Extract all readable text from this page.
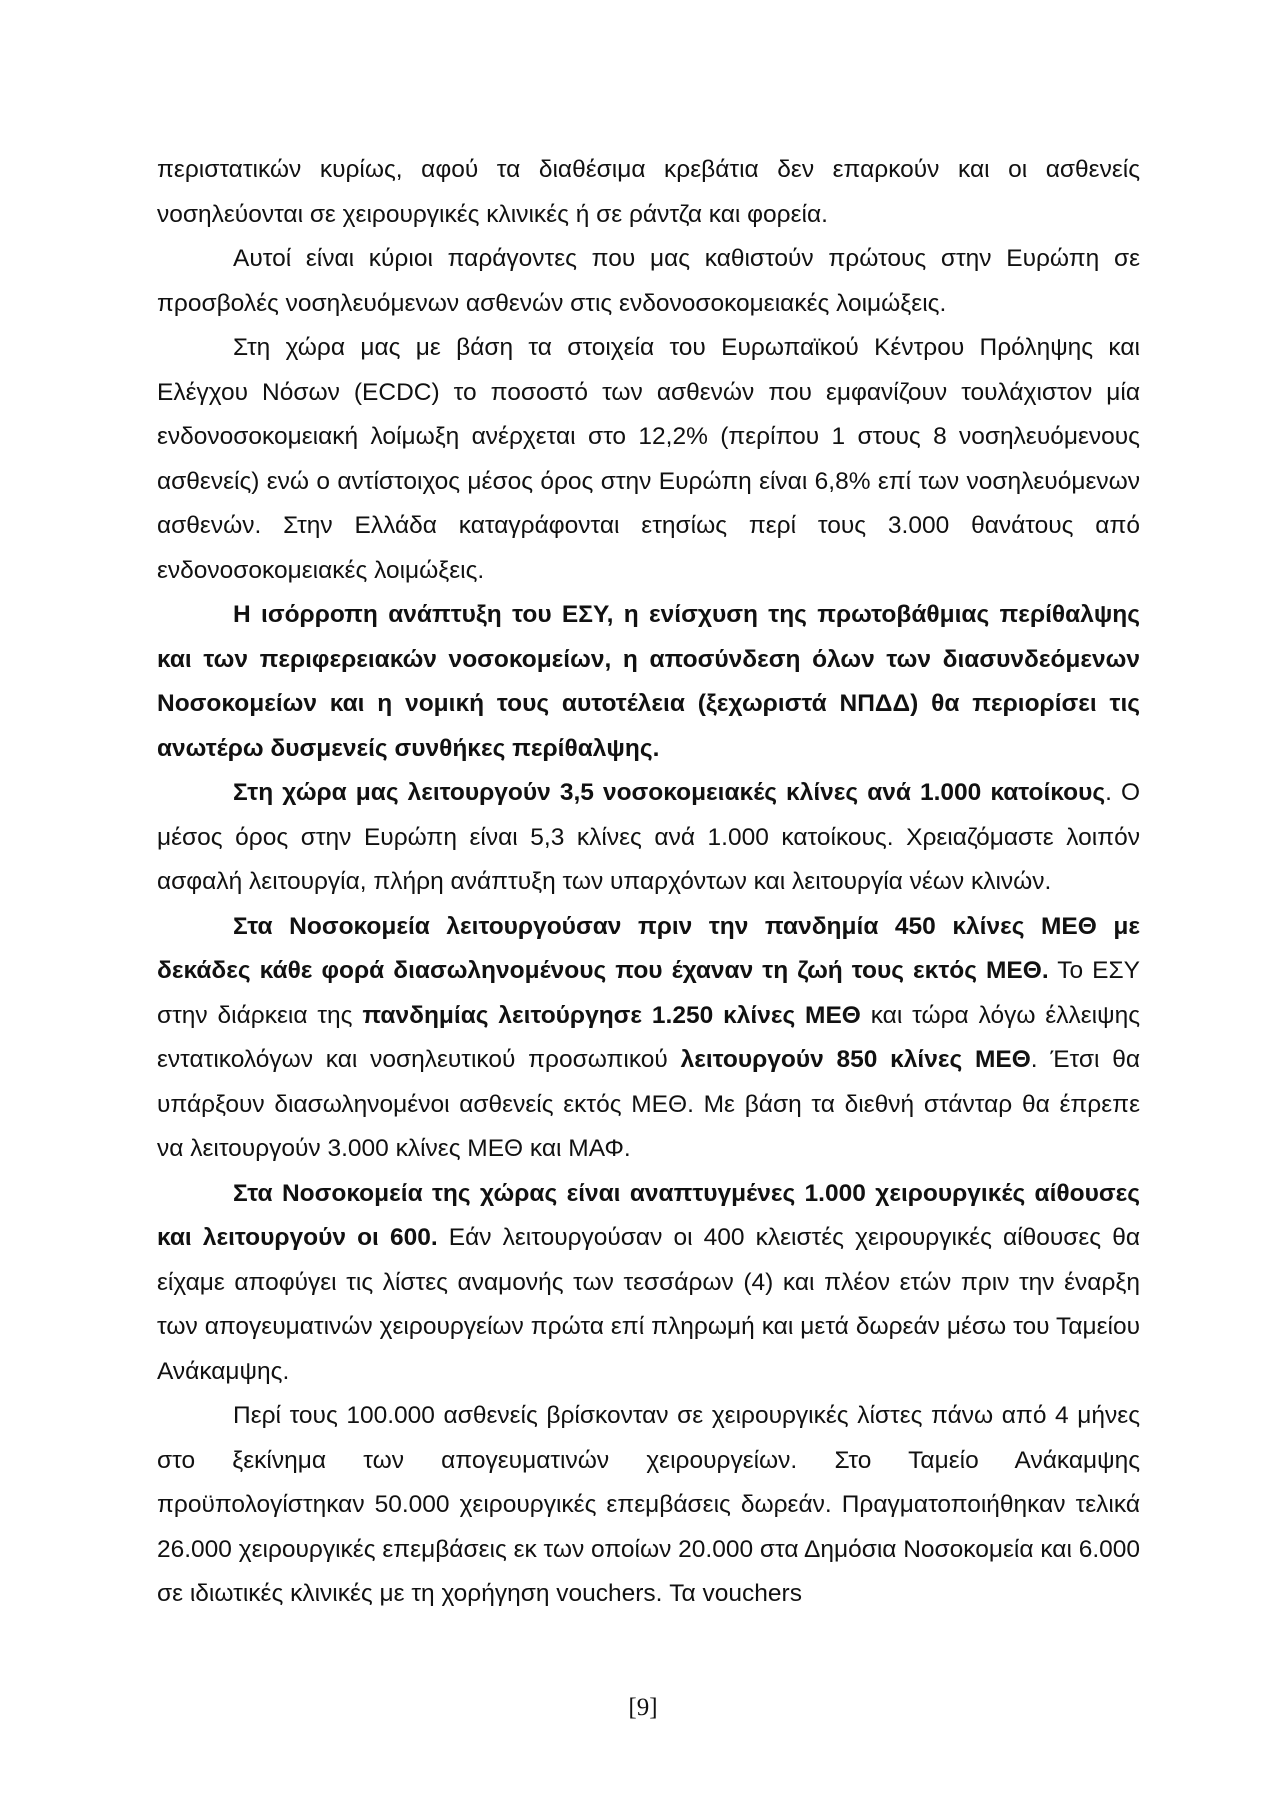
περιστατικών κυρίως, αφού τα διαθέσιμα κρεβάτια δεν επαρκούν και οι ασθενείς νοσηλεύονται σε χειρουργικές κλινικές ή σε ράντζα και φορεία.

Αυτοί είναι κύριοι παράγοντες που μας καθιστούν πρώτους στην Ευρώπη σε προσβολές νοσηλευόμενων ασθενών στις ενδονοσοκομειακές λοιμώξεις.

Στη χώρα μας με βάση τα στοιχεία του Ευρωπαϊκού Κέντρου Πρόληψης και Ελέγχου Νόσων (ECDC) το ποσοστό των ασθενών που εμφανίζουν τουλάχιστον μία ενδονοσοκομειακή λοίμωξη ανέρχεται στο 12,2% (περίπου 1 στους 8 νοσηλευόμενους ασθενείς) ενώ ο αντίστοιχος μέσος όρος στην Ευρώπη είναι 6,8% επί των νοσηλευόμενων ασθενών. Στην Ελλάδα καταγράφονται ετησίως περί τους 3.000 θανάτους από ενδονοσοκομειακές λοιμώξεις.

Η ισόρροπη ανάπτυξη του ΕΣΥ, η ενίσχυση της πρωτοβάθμιας περίθαλψης και των περιφερειακών νοσοκομείων, η αποσύνδεση όλων των διασυνδεόμενων Νοσοκομείων και η νομική τους αυτοτέλεια (ξεχωριστά ΝΠΔΔ) θα περιορίσει τις ανωτέρω δυσμενείς συνθήκες περίθαλψης.

Στη χώρα μας λειτουργούν 3,5 νοσοκομειακές κλίνες ανά 1.000 κατοίκους. Ο μέσος όρος στην Ευρώπη είναι 5,3 κλίνες ανά 1.000 κατοίκους. Χρειαζόμαστε λοιπόν ασφαλή λειτουργία, πλήρη ανάπτυξη των υπαρχόντων και λειτουργία νέων κλινών.

Στα Νοσοκομεία λειτουργούσαν πριν την πανδημία 450 κλίνες ΜΕΘ με δεκάδες κάθε φορά διασωληνομένους που έχαναν τη ζωή τους εκτός ΜΕΘ. Το ΕΣΥ στην διάρκεια της πανδημίας λειτούργησε 1.250 κλίνες ΜΕΘ και τώρα λόγω έλλειψης εντατικολόγων και νοσηλευτικού προσωπικού λειτουργούν 850 κλίνες ΜΕΘ. Έτσι θα υπάρξουν διασωληνομένοι ασθενείς εκτός ΜΕΘ. Με βάση τα διεθνή στάνταρ θα έπρεπε να λειτουργούν 3.000 κλίνες ΜΕΘ και ΜΑΦ.

Στα Νοσοκομεία της χώρας είναι αναπτυγμένες 1.000 χειρουργικές αίθουσες και λειτουργούν οι 600. Εάν λειτουργούσαν οι 400 κλειστές χειρουργικές αίθουσες θα είχαμε αποφύγει τις λίστες αναμονής των τεσσάρων (4) και πλέον ετών πριν την έναρξη των απογευματινών χειρουργείων πρώτα επί πληρωμή και μετά δωρεάν μέσω του Ταμείου Ανάκαμψης.

Περί τους 100.000 ασθενείς βρίσκονταν σε χειρουργικές λίστες πάνω από 4 μήνες στο ξεκίνημα των απογευματινών χειρουργείων. Στο Ταμείο Ανάκαμψης προϋπολογίστηκαν 50.000 χειρουργικές επεμβάσεις δωρεάν. Πραγματοποιήθηκαν τελικά 26.000 χειρουργικές επεμβάσεις εκ των οποίων 20.000 στα Δημόσια Νοσοκομεία και 6.000 σε ιδιωτικές κλινικές με τη χορήγηση vouchers. Τα vouchers

[9]
